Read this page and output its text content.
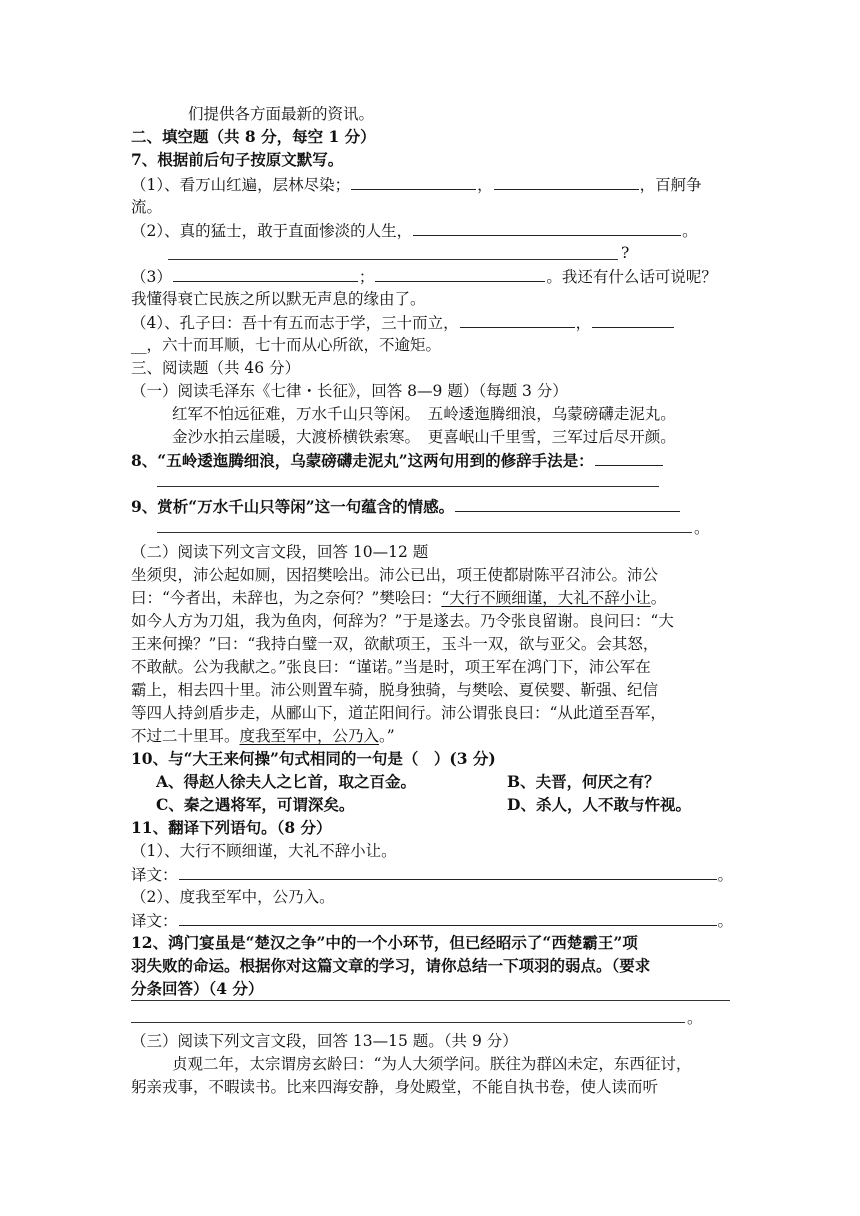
们提供各方面最新的资讯。
二、填空题（共 8 分，每空 1 分）
7、根据前后句子按原文默写。
（1）、看万山红遍，层林尽染；	，	，百舸争
流。
（2）、真的猛士，敢于直面惨淡的人生，	。
?
（3）	；	。我还有什么话可说呢？
我懂得衰亡民族之所以默无声息的缘由了。
（4）、孔子曰：吾十有五而志于学，三十而立，	，
__，六十而耳顺，七十而从心所欲，不逾矩。
三、阅读题（共 46 分）
（一）阅读毛泽东《七律・长征》，回答 8—9 题）（每题 3 分）
红军不怕远征难，万水千山只等闲。　五岭逶迤腾细浪，乌蒙磅礴走泥丸。
金沙水拍云崖暖，大渡桥横铁索寒。　更喜岷山千里雪，三军过后尽开颜。
8、“五岭逶迤腾细浪，乌蒙磅礴走泥丸”这两句用到的修辞手法是：
9、赏析“万水千山只等闲”这一句蕴含的情感。
。
（二）阅读下列文言文段，回答 10—12 题
坐须臾，沛公起如厕，因招樊哙出。沛公已出，项王使都尉陈平召沛公。沛公
曰：“今者出，未辞也，为之奈何？”樊哙曰：“大行不顾细谨，大礼不辞小让。
如今人方为刀俎，我为鱼肉，何辞为？”于是遂去。乃令张良留谢。良问曰：“大
王来何操？”曰：“我持白璧一双，欲献项王，玉斗一双，欲与亚父。会其怒，
不敢献。公为我献之。”张良曰：“谨诺。”当是时，项王军在鸿门下，沛公军在
霸上，相去四十里。沛公则置车骑，脱身独骑，与樊哙、夏侯婴、靳强、纪信
等四人持剑盾步走，从郦山下，道芷阳间行。沛公谓张良曰：“从此道至吾军，
不过二十里耳。度我至军中，公乃入。”
10、与“大王来何操”句式相同的一句是（　）(3 分)
A、得赵人徐夫人之匕首，取之百金。	B、夫晋，何厌之有？
C、秦之遇将军，可谓深矣。	D、杀人，人不敢与忤视。
11、翻译下列语句。（8 分）
（1）、大行不顾细谨，大礼不辞小让。
译文：	。
（2）、度我至军中，公乃入。
译文：	。
12、鸿门宴虽是“楚汉之争”中的一个小环节，但已经昭示了“西楚霸王”项
羽失败的命运。根据你对这篇文章的学习，请你总结一下项羽的弱点。（要求
分条回答）（4 分）
。
（三）阅读下列文言文段，回答 13—15 题。（共 9 分）
贞观二年，太宗谓房玄龄曰：“为人大须学问。朕往为群凶未定，东西征讨，
躬亲戎事，不暇读书。比来四海安静，身处殿堂，不能自执书卷，使人读而听
